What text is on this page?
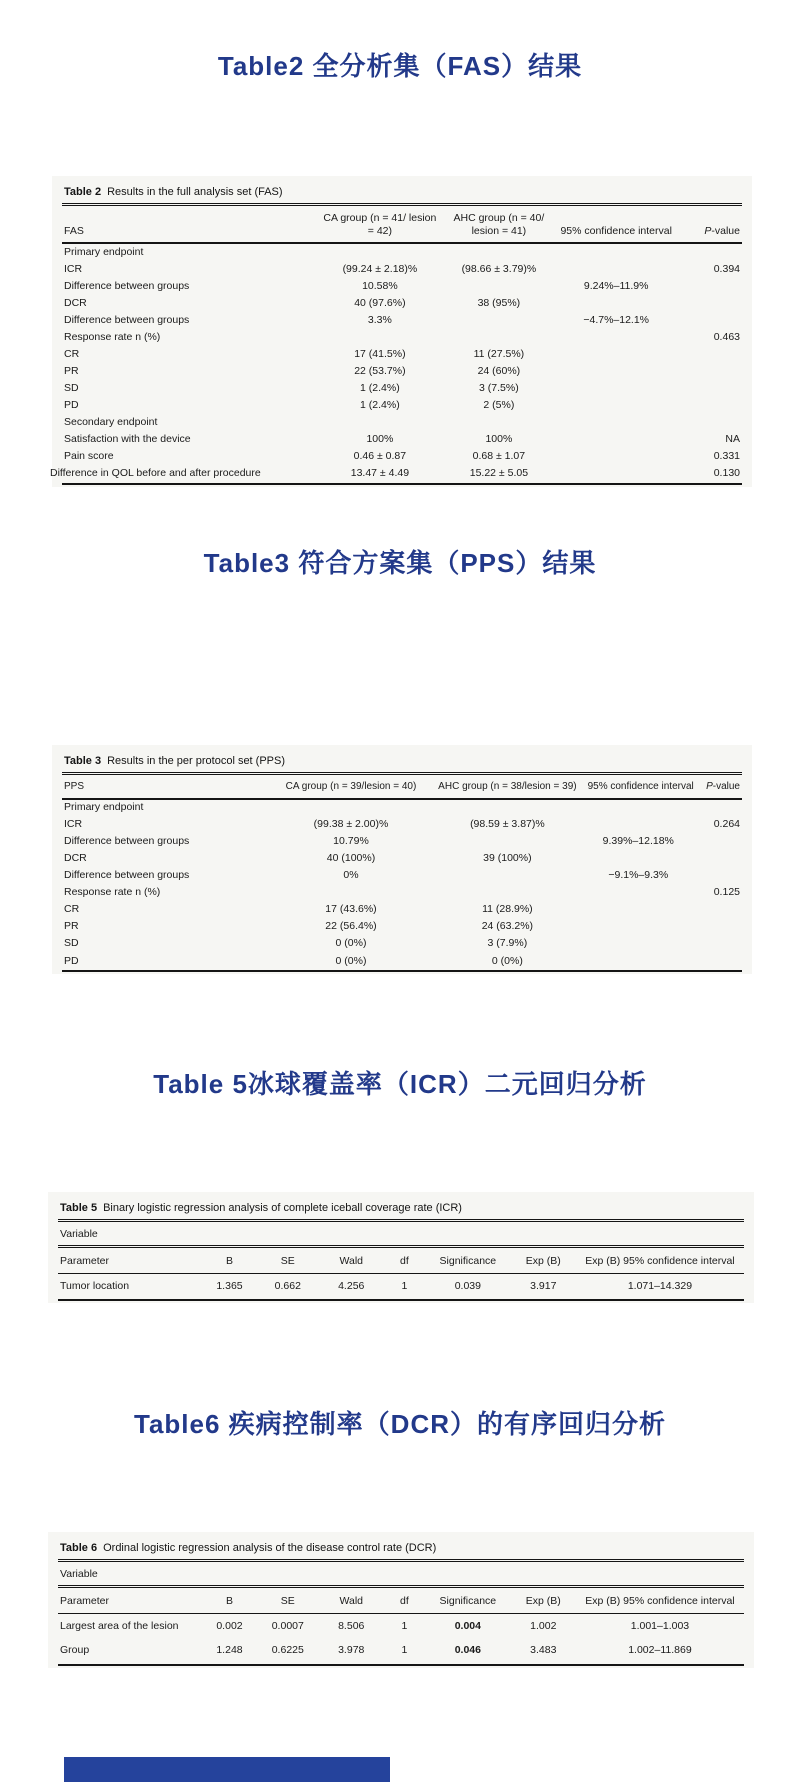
Table2 全分析集（FAS）结果
Table 2 Results in the full analysis set (FAS)
FAS	CA group (n = 41/ lesion = 42)	AHC group (n = 40/ lesion = 41)	95% confidence interval	P-value
Primary endpoint				
ICR	(99.24 ± 2.18)%	(98.66 ± 3.79)%		0.394
Difference between groups	10.58%		9.24%–11.9%	
DCR	40 (97.6%)	38 (95%)		
Difference between groups	3.3%		−4.7%–12.1%	
Response rate n (%)				0.463
CR	17 (41.5%)	11 (27.5%)		
PR	22 (53.7%)	24 (60%)		
SD	1 (2.4%)	3 (7.5%)		
PD	1 (2.4%)	2 (5%)		
Secondary endpoint				
Satisfaction with the device	100%	100%		NA
Pain score	0.46 ± 0.87	0.68 ± 1.07		0.331
Difference in QOL before and after procedure	13.47 ± 4.49	15.22 ± 5.05		0.130
Table3 符合方案集（PPS）结果
Table 3 Results in the per protocol set (PPS)
PPS	CA group (n = 39/lesion = 40)	AHC group (n = 38/lesion = 39)	95% confidence interval	P-value
Primary endpoint				
ICR	(99.38 ± 2.00)%	(98.59 ± 3.87)%		0.264
Difference between groups	10.79%		9.39%–12.18%	
DCR	40 (100%)	39 (100%)		
Difference between groups	0%		−9.1%–9.3%	
Response rate n (%)				0.125
CR	17 (43.6%)	11 (28.9%)		
PR	22 (56.4%)	24 (63.2%)		
SD	0 (0%)	3 (7.9%)		
PD	0 (0%)	0 (0%)		
Table 5冰球覆盖率（ICR）二元回归分析
Table 5 Binary logistic regression analysis of complete iceball coverage rate (ICR)
Variable
Parameter	B	SE	Wald	df	Significance	Exp (B)	Exp (B) 95% confidence interval
Tumor location	1.365	0.662	4.256	1	0.039	3.917	1.071–14.329
Table6 疾病控制率（DCR）的有序回归分析
Table 6 Ordinal logistic regression analysis of the disease control rate (DCR)
Variable
Parameter	B	SE	Wald	df	Significance	Exp (B)	Exp (B) 95% confidence interval
Largest area of the lesion	0.002	0.0007	8.506	1	0.004	1.002	1.001–1.003
Group	1.248	0.6225	3.978	1	0.046	3.483	1.002–11.869
